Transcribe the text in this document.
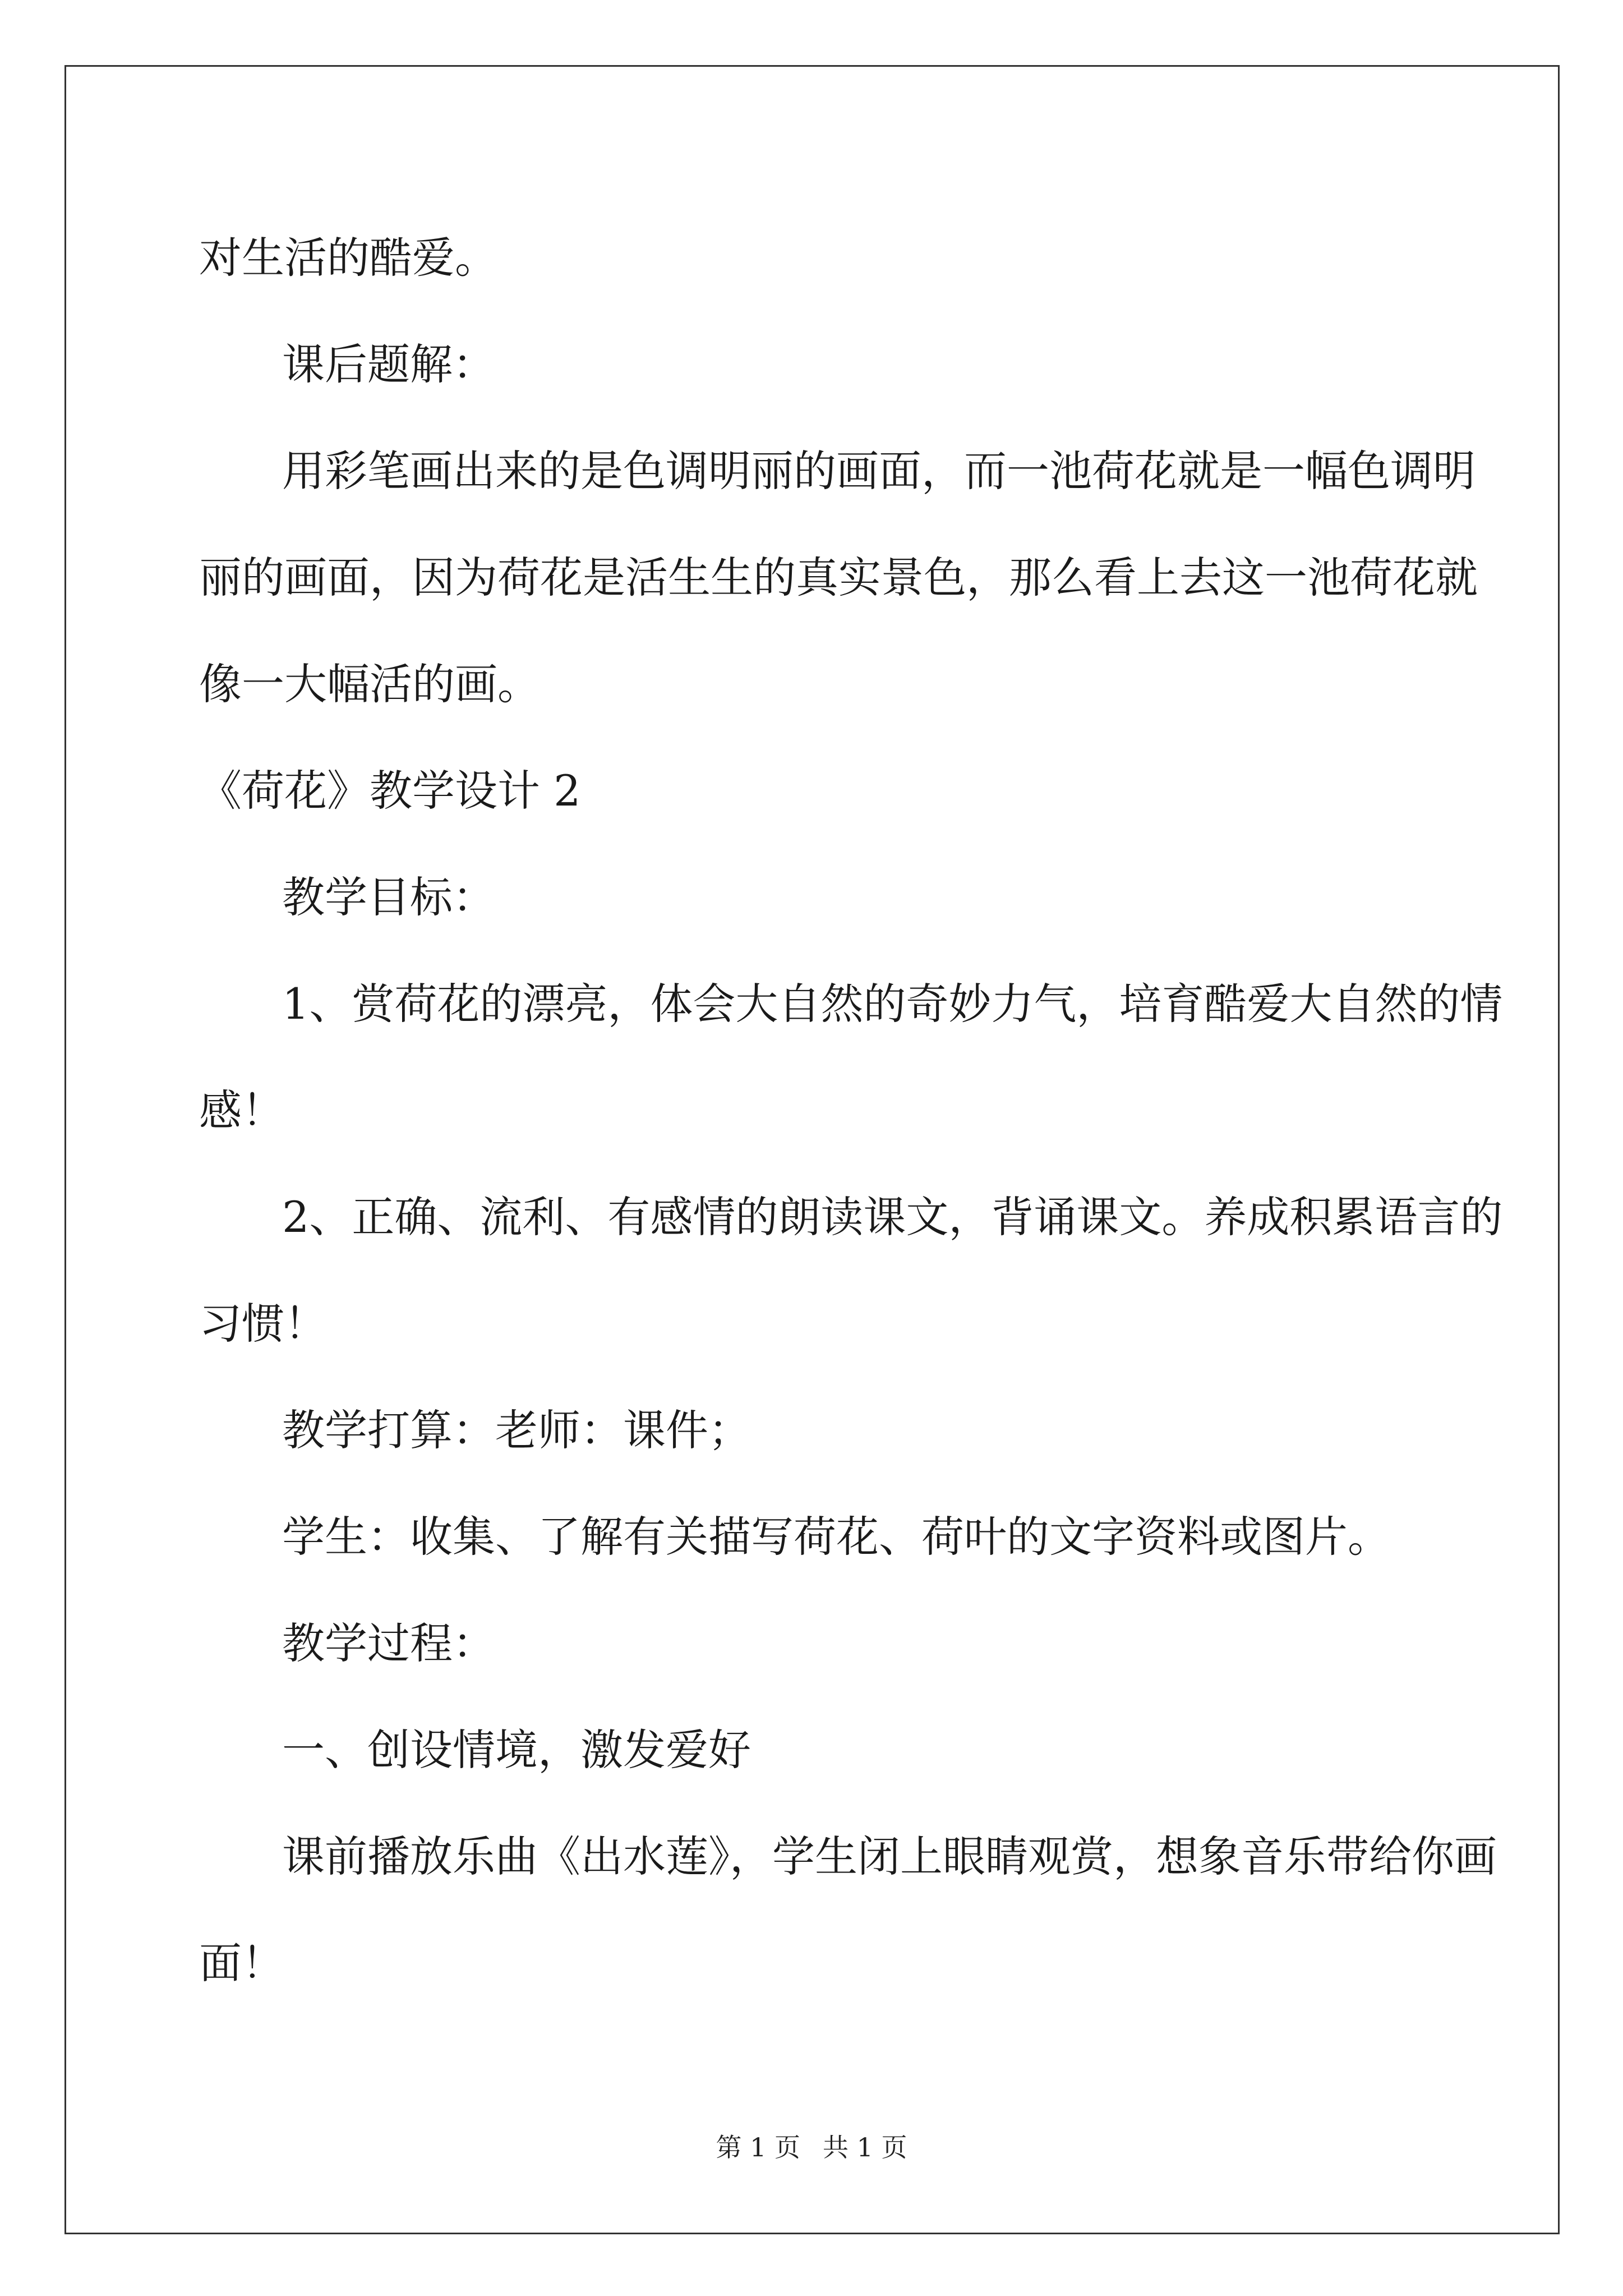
对生活的酷爱。

课后题解：

用彩笔画出来的是色调明丽的画面，而一池荷花就是一幅色调明

丽的画面，因为荷花是活生生的真实景色，那么看上去这一池荷花就

像一大幅活的画。

《荷花》教学设计 2

教学目标：

1、赏荷花的漂亮，体会大自然的奇妙力气，培育酷爱大自然的情

感！

2、正确、流利、有感情的朗读课文，背诵课文。养成积累语言的

习惯！

教学打算：老师：课件；

学生：收集、了解有关描写荷花、荷叶的文字资料或图片。

教学过程：

一、创设情境，激发爱好

课前播放乐曲《出水莲》，学生闭上眼睛观赏，想象音乐带给你画

面！

第 1 页 共 1 页
